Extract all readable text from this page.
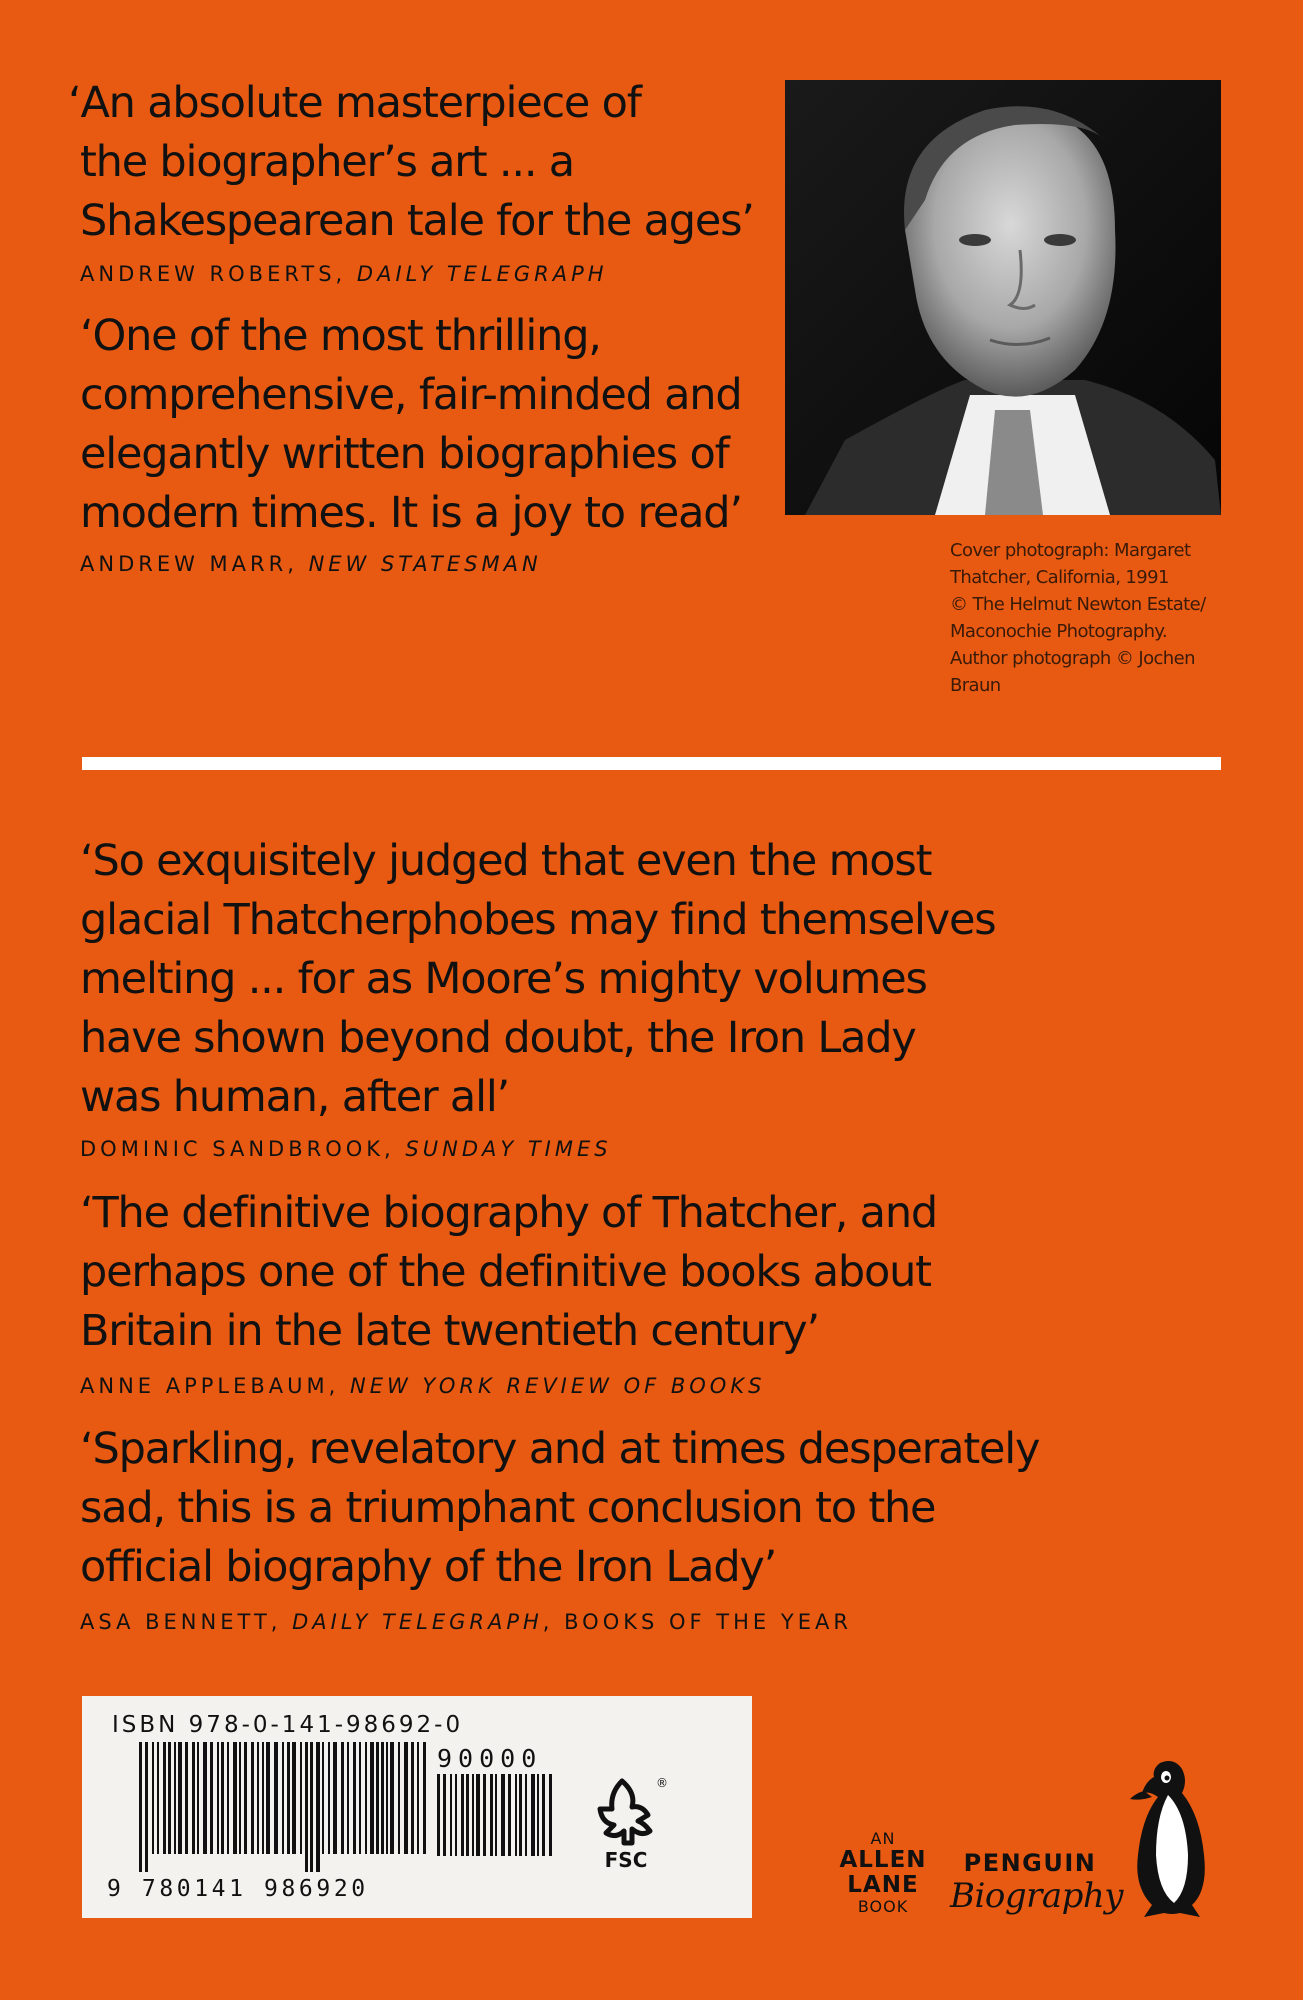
‘An absolute masterpiece of
the biographer’s art ... a
Shakespearean tale for the ages’
ANDREW ROBERTS, DAILY TELEGRAPH
‘One of the most thrilling,
comprehensive, fair-minded and
elegantly written biographies of
modern times. It is a joy to read’
ANDREW MARR, NEW STATESMAN
Cover photograph: Margaret
Thatcher, California, 1991
© The Helmut Newton Estate/
Maconochie Photography.
Author photograph © Jochen
Braun
‘So exquisitely judged that even the most
glacial Thatcherphobes may find themselves
melting ... for as Moore’s mighty volumes
have shown beyond doubt, the Iron Lady
was human, after all’
DOMINIC SANDBROOK, SUNDAY TIMES
‘The definitive biography of Thatcher, and
perhaps one of the definitive books about
Britain in the late twentieth century’
ANNE APPLEBAUM, NEW YORK REVIEW OF BOOKS
‘Sparkling, revelatory and at times desperately
sad, this is a triumphant conclusion to the
official biography of the Iron Lady’
ASA BENNETT, DAILY TELEGRAPH, BOOKS OF THE YEAR
ISBN 978-0-141-98692-0
90000
9 780141 986920
®
FSC
AN
ALLEN
LANE
BOOK
PENGUIN
Biography
